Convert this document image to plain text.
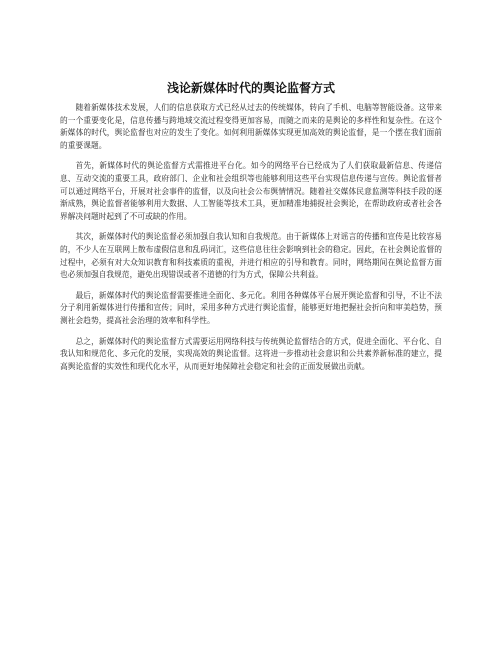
浅论新媒体时代的舆论监督方式

随着新媒体技术发展，人们的信息获取方式已经从过去的传统媒体，转向了手机、电脑等智能设备。这带来的一个重要变化是，信息传播与跨地域交流过程变得更加容易，而随之而来的是舆论的多样性和复杂性。在这个新媒体的时代，舆论监督也对应的发生了变化。如何利用新媒体实现更加高效的舆论监督，是一个摆在我们面前的重要课题。

首先，新媒体时代的舆论监督方式需推进平台化。如今的网络平台已经成为了人们获取最新信息、传递信息、互动交流的重要工具，政府部门、企业和社会组织等也能够利用这些平台实现信息传递与宣传。舆论监督者可以通过网络平台，开展对社会事件的监督，以及向社会公布舆情情况。随着社交媒体民意监测等科技手段的逐渐成熟，舆论监督者能够利用大数据、人工智能等技术工具，更加精准地捕捉社会舆论，在帮助政府或者社会各界解决问题时起到了不可或缺的作用。

其次，新媒体时代的舆论监督必须加强自我认知和自我规范。由于新媒体上对谣言的传播和宣传是比较容易的，不少人在互联网上散布虚假信息和乱码词汇，这些信息往往会影响到社会的稳定。因此，在社会舆论监督的过程中，必须有对大众知识教育和科技素质的重视，并进行相应的引导和教育。同时，网络期间在舆论监督方面也必须加强自我规范，避免出现错误或者不道德的行为方式，保障公共利益。

最后，新媒体时代的舆论监督需要推进全面化、多元化。利用各种媒体平台展开舆论监督和引导，不让不法分子利用新媒体进行传播和宣传；同时，采用多种方式进行舆论监督，能够更好地把握社会折向和审美趋势，预测社会趋势，提高社会治理的效率和科学性。

总之，新媒体时代的舆论监督方式需要运用网络科技与传统舆论监督结合的方式，促进全面化、平台化、自我认知和规范化、多元化的发展，实现高效的舆论监督。这将进一步推动社会意识和公共素养新标准的建立，提高舆论监督的实效性和现代化水平，从而更好地保障社会稳定和社会的正面发展做出贡献。
